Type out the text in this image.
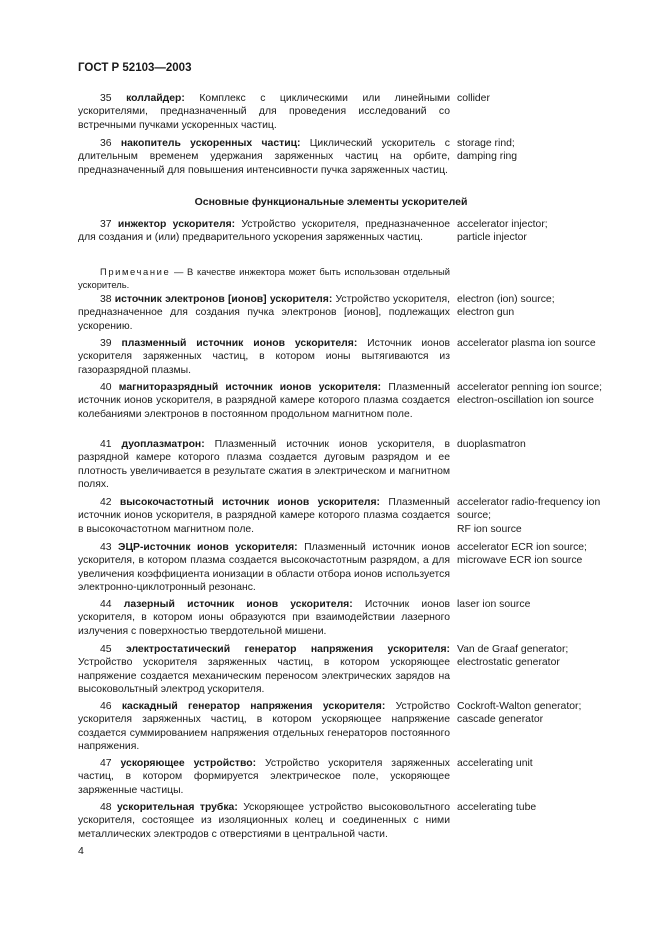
ГОСТ Р 52103—2003
35 коллайдер: Комплекс с циклическими или линейными ускорителями, предназначенный для проведения исследований со встречными пучками ускоренных частиц.
collider
36 накопитель ускоренных частиц: Циклический ускоритель с длительным временем удержания заряженных частиц на орбите, предназначенный для повышения интенсивности пучка заряженных частиц.
storage rind;
damping ring
Основные функциональные элементы ускорителей
37 инжектор ускорителя: Устройство ускорителя, предназначенное для создания и (или) предварительного ускорения заряженных частиц.
accelerator injector;
particle injector
Примечание — В качестве инжектора может быть использован отдельный ускоритель.
38 источник электронов [ионов] ускорителя: Устройство ускорителя, предназначенное для создания пучка электронов [ионов], подлежащих ускорению.
electron (ion) source;
electron gun
39 плазменный источник ионов ускорителя: Источник ионов ускорителя заряженных частиц, в котором ионы вытягиваются из газоразрядной плазмы.
accelerator plasma ion source
40 магниторазрядный источник ионов ускорителя: Плазменный источник ионов ускорителя, в разрядной камере которого плазма создается колебаниями электронов в постоянном продольном магнитном поле.
accelerator penning ion source;
electron-oscillation ion source
41 дуоплазматрон: Плазменный источник ионов ускорителя, в разрядной камере которого плазма создается дуговым разрядом и ее плотность увеличивается в результате сжатия в электрическом и магнитном полях.
duoplasmatron
42 высокочастотный источник ионов ускорителя: Плазменный источник ионов ускорителя, в разрядной камере которого плазма создается в высокочастотном магнитном поле.
accelerator radio-frequency ion source;
RF ion source
43 ЭЦР-источник ионов ускорителя: Плазменный источник ионов ускорителя, в котором плазма создается высокочастотным разрядом, а для увеличения коэффициента ионизации в области отбора ионов используется электронно-циклотронный резонанс.
accelerator ECR ion source;
microwave ECR ion source
44 лазерный источник ионов ускорителя: Источник ионов ускорителя, в котором ионы образуются при взаимодействии лазерного излучения с поверхностью твердотельной мишени.
laser ion source
45 электростатический генератор напряжения ускорителя: Устройство ускорителя заряженных частиц, в котором ускоряющее напряжение создается механическим переносом электрических зарядов на высоковольтный электрод ускорителя.
Van de Graaf generator;
electrostatic generator
46 каскадный генератор напряжения ускорителя: Устройство ускорителя заряженных частиц, в котором ускоряющее напряжение создается суммированием напряжения отдельных генераторов постоянного напряжения.
Cockroft-Walton generator;
cascade generator
47 ускоряющее устройство: Устройство ускорителя заряженных частиц, в котором формируется электрическое поле, ускоряющее заряженные частицы.
accelerating unit
48 ускорительная трубка: Ускоряющее устройство высоковольтного ускорителя, состоящее из изоляционных колец и соединенных с ними металлических электродов с отверстиями в центральной части.
accelerating tube
4
